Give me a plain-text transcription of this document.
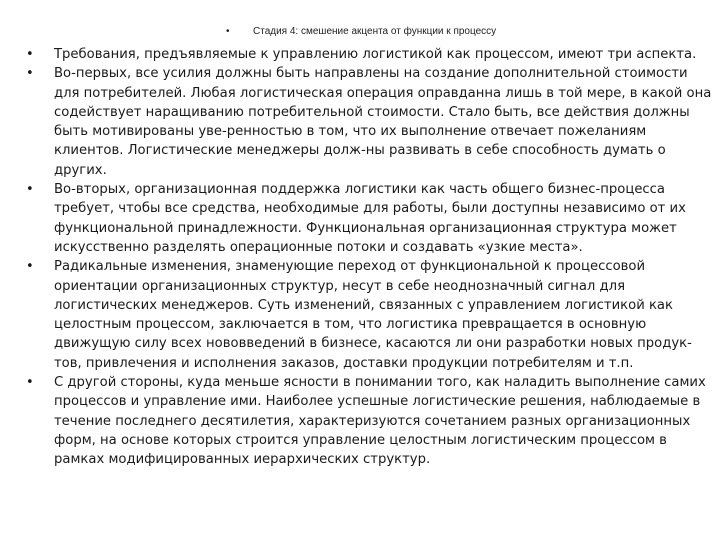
• Стадия 4: смешение акцента от функции к процессу
• Требования, предъявляемые к управлению логистикой как процессом, имеют три аспекта.
• Во-первых, все усилия должны быть направлены на создание дополнительной стоимости для потребителей. Любая логистическая операция оправданна лишь в той мере, в какой она содействует наращиванию потребительной стоимости. Стало быть, все действия должны быть мотивированы уве-ренностью в том, что их выполнение отвечает пожеланиям клиентов. Логистические менеджеры долж-ны развивать в себе способность думать о других.
• Во-вторых, организационная поддержка логистики как часть общего бизнес-процесса требует, чтобы все средства, необходимые для работы, были доступны независимо от их функциональной принадлежности. Функциональная организационная структура может искусственно разделять операционные потоки и создавать «узкие места».
• Радикальные изменения, знаменующие переход от функциональной к процессовой ориентации организационных структур, несут в себе неоднозначный сигнал для логистических менеджеров. Суть изменений, связанных с управлением логистикой как целостным процессом, заключается в том, что логистика превращается в основную движущую силу всех нововведений в бизнесе, касаются ли они разработки новых продук-тов, привлечения и исполнения заказов, доставки продукции потребителям и т.п.
• С другой стороны, куда меньше ясности в понимании того, как наладить выполнение самих процессов и управление ими. Наиболее успешные логистические решения, наблюдаемые в течение последнего десятилетия, характеризуются сочетанием разных организационных форм, на основе которых строится управление целостным логистическим процессом в рамках модифицированных иерархических структур.
